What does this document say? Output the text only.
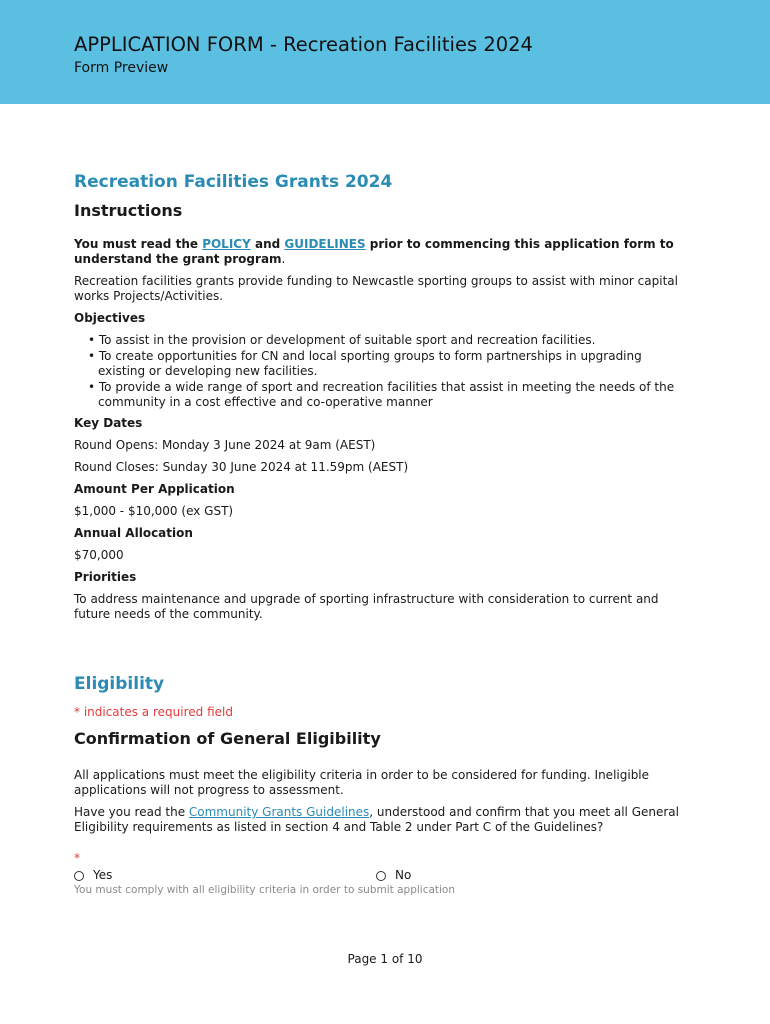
APPLICATION FORM - Recreation Facilities 2024
Form Preview
Recreation Facilities Grants 2024
Instructions

You must read the POLICY and GUIDELINES prior to commencing this application form to understand the grant program.

Recreation facilities grants provide funding to Newcastle sporting groups to assist with minor capital works Projects/Activities.

Objectives

• To assist in the provision or development of suitable sport and recreation facilities.
• To create opportunities for CN and local sporting groups to form partnerships in upgrading existing or developing new facilities.
• To provide a wide range of sport and recreation facilities that assist in meeting the needs of the community in a cost effective and co-operative manner

Key Dates

Round Opens: Monday 3 June 2024 at 9am (AEST)

Round Closes: Sunday 30 June 2024 at 11.59pm (AEST)

Amount Per Application

$1,000 - $10,000 (ex GST)

Annual Allocation

$70,000

Priorities

To address maintenance and upgrade of sporting infrastructure with consideration to current and future needs of the community.

Eligibility

* indicates a required field

Confirmation of General Eligibility

All applications must meet the eligibility criteria in order to be considered for funding. Ineligible applications will not progress to assessment.

Have you read the Community Grants Guidelines, understood and confirm that you meet all General Eligibility requirements as listed in section 4 and Table 2 under Part C of the Guidelines?

*
Yes	No
You must comply with all eligibility criteria in order to submit application
Page 1 of 10
